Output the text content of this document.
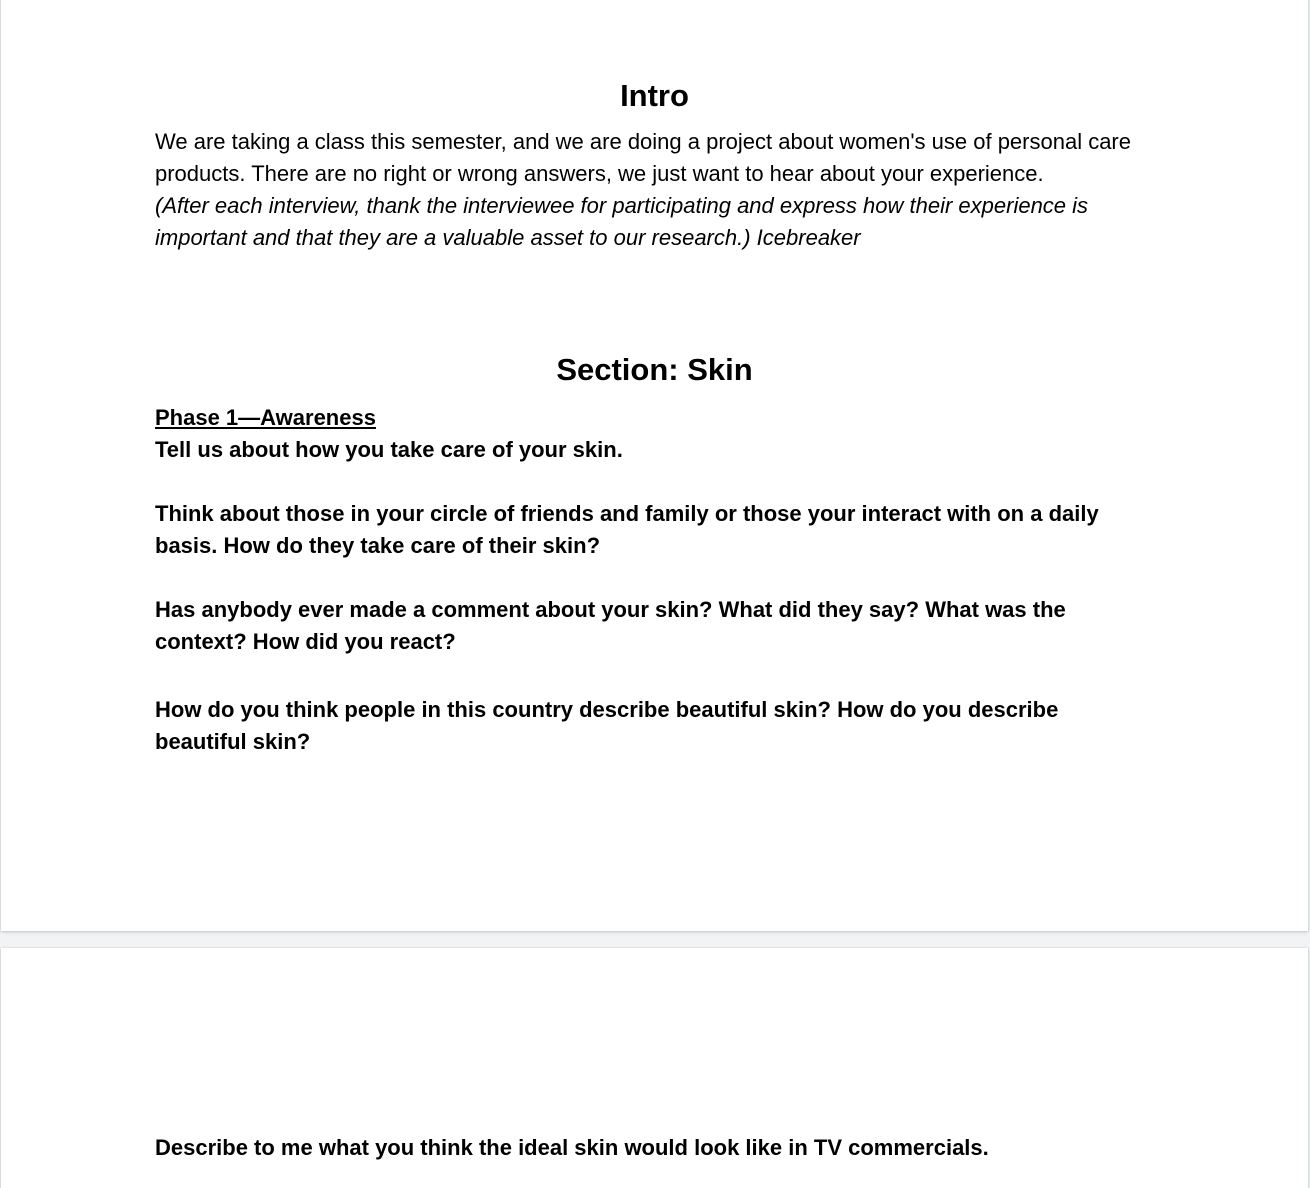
Intro

We are taking a class this semester, and we are doing a project about women's use of personal care products. There are no right or wrong answers, we just want to hear about your experience.

(After each interview, thank the interviewee for participating and express how their experience is important and that they are a valuable asset to our research.) Icebreaker

Section: Skin

Phase 1—Awareness

Tell us about how you take care of your skin.

Think about those in your circle of friends and family or those your interact with on a daily basis. How do they take care of their skin?

Has anybody ever made a comment about your skin? What did they say? What was the context? How did you react?

How do you think people in this country describe beautiful skin? How do you describe beautiful skin?

Describe to me what you think the ideal skin would look like in TV commercials.
